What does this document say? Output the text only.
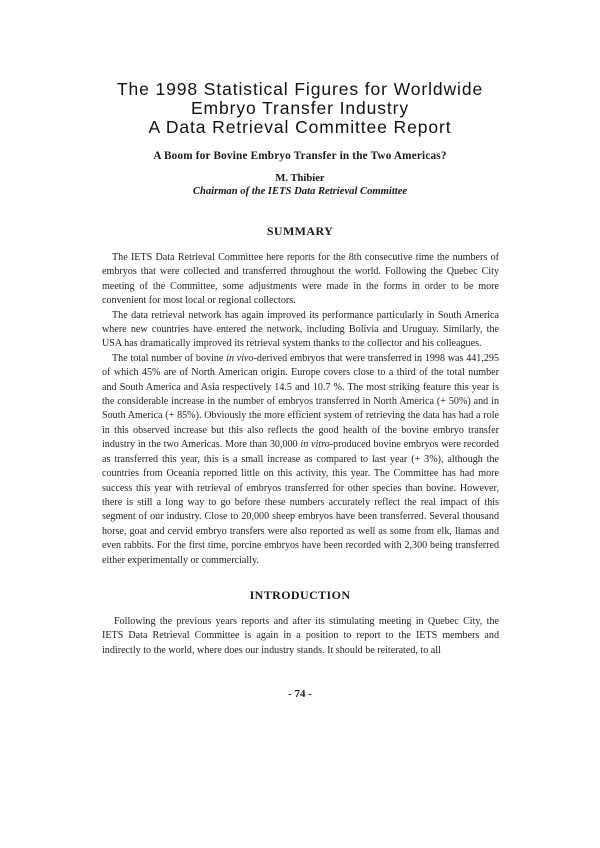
The 1998 Statistical Figures for Worldwide
Embryo Transfer Industry
A Data Retrieval Committee Report
A Boom for Bovine Embryo Transfer in the Two Americas?
M. Thibier
Chairman of the IETS Data Retrieval Committee
SUMMARY

The IETS Data Retrieval Committee here reports for the 8th consecutive time the numbers of embryos that were collected and transferred throughout the world. Following the Quebec City meeting of the Committee, some adjustments were made in the forms in order to be more convenient for most local or regional collectors.

The data retrieval network has again improved its performance particularly in South America where new countries have entered the network, including Bolivia and Uruguay. Similarly, the USA has dramatically improved its retrieval system thanks to the collector and his colleagues.

The total number of bovine in vivo-derived embryos that were transferred in 1998 was 441,295 of which 45% are of North American origin. Europe covers close to a third of the total number and South America and Asia respectively 14.5 and 10.7 %. The most striking feature this year is the considerable increase in the number of embryos transferred in North America (+ 50%) and in South America (+ 85%). Obviously the more efficient system of retrieving the data has had a role in this observed increase but this also reflects the good health of the bovine embryo transfer industry in the two Americas. More than 30,000 in vitro-produced bovine embryos were recorded as transferred this year, this is a small increase as compared to last year (+ 3%), although the countries from Oceania reported little on this activity, this year. The Committee has had more success this year with retrieval of embryos transferred for other species than bovine. However, there is still a long way to go before these numbers accurately reflect the real impact of this segment of our industry. Close to 20,000 sheep embryos have been transferred. Several thousand horse, goat and cervid embryo transfers were also reported as well as some from elk, llamas and even rabbits. For the first time, porcine embryos have been recorded with 2,300 being transferred either experimentally or commercially.

INTRODUCTION

Following the previous years reports and after its stimulating meeting in Quebec City, the IETS Data Retrieval Committee is again in a position to report to the IETS members and indirectly to the world, where does our industry stands. It should be reiterated, to all

- 74 -
